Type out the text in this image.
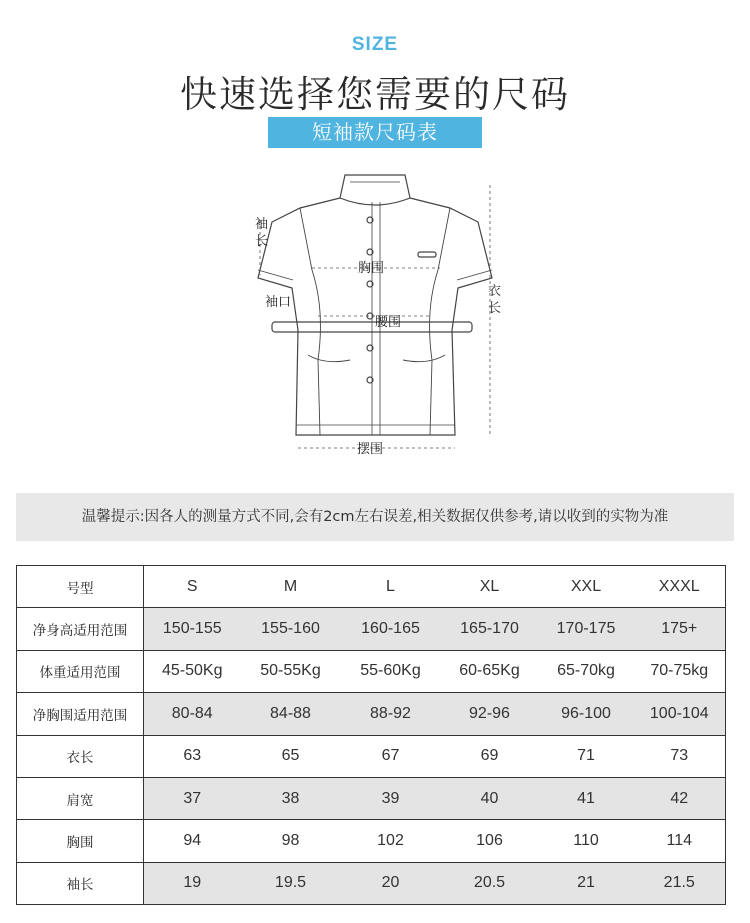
SIZE
快速选择您需要的尺码
短袖款尺码表
袖
长
袖口
胸围
腰围
衣
长
摆围
温馨提示:因各人的测量方式不同,会有2cm左右误差,相关数据仅供参考,请以收到的实物为准
号型	S	M	L	XL	XXL	XXXL
净身高适用范围	150-155	155-160	160-165	165-170	170-175	175+
体重适用范围	45-50Kg	50-55Kg	55-60Kg	60-65Kg	65-70kg	70-75kg
净胸围适用范围	80-84	84-88	88-92	92-96	96-100	100-104
衣长	63	65	67	69	71	73
肩宽	37	38	39	40	41	42
胸围	94	98	102	106	110	114
袖长	19	19.5	20	20.5	21	21.5
